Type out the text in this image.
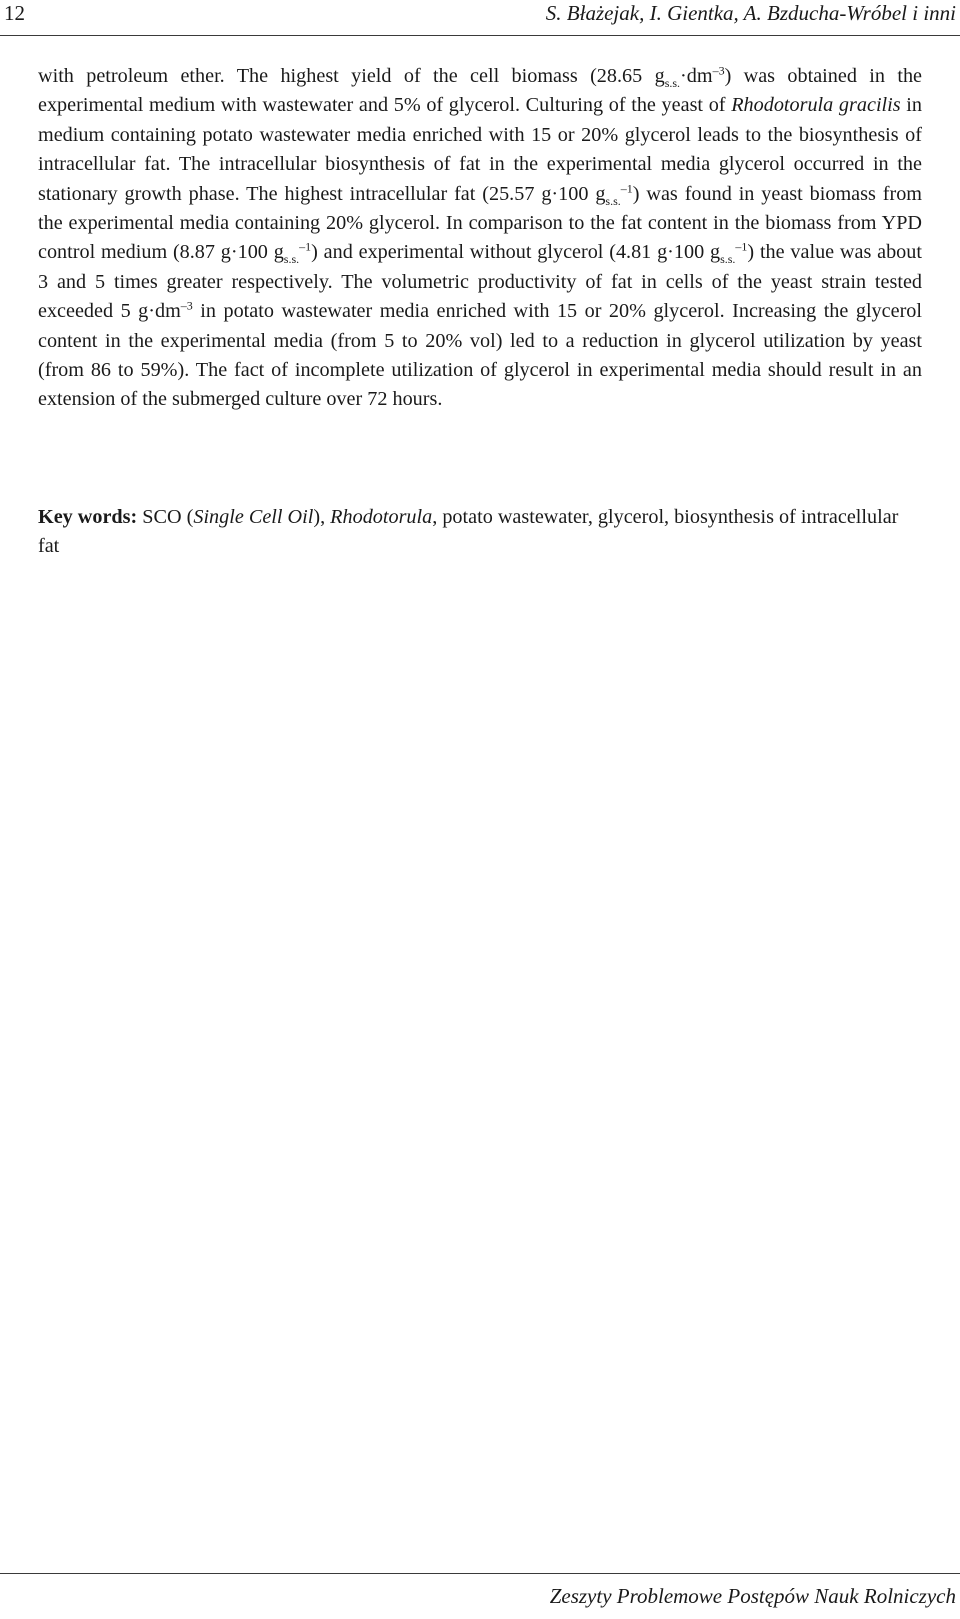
12	S. Błażejak, I. Gientka, A. Bzducha-Wróbel i inni

with petroleum ether. The highest yield of the cell biomass (28.65 $g_{s.s.}\cdot dm^{-3}$) was obtained in the experimental medium with wastewater and 5% of glycerol. Culturing of the yeast of Rhodotorula gracilis in medium containing potato wastewater media enriched with 15 or 20% glycerol leads to the biosynthesis of intracellular fat. The intracellular biosynthesis of fat in the experimental media glycerol occurred in the stationary growth phase. The highest intracellular fat (25.57 g·100 $g_{s.s.}^{-1}$) was found in yeast biomass from the experimental media containing 20% glycerol. In comparison to the fat content in the biomass from YPD control medium (8.87 g·100 $g_{s.s.}^{-1}$) and experimental without glycerol (4.81 g·100 $g_{s.s.}^{-1}$) the value was about 3 and 5 times greater respectively. The volumetric productivity of fat in cells of the yeast strain tested exceeded 5 $g\cdot dm^{-3}$ in potato wastewater media enriched with 15 or 20% glycerol. Increasing the glycerol content in the experimental media (from 5 to 20% vol) led to a reduction in glycerol utilization by yeast (from 86 to 59%). The fact of incomplete utilization of glycerol in experimental media should result in an extension of the submerged culture over 72 hours.

Key words: SCO (Single Cell Oil), Rhodotorula, potato wastewater, glycerol, biosynthesis of intracellular fat

Zeszyty Problemowe Postępów Nauk Rolniczych
